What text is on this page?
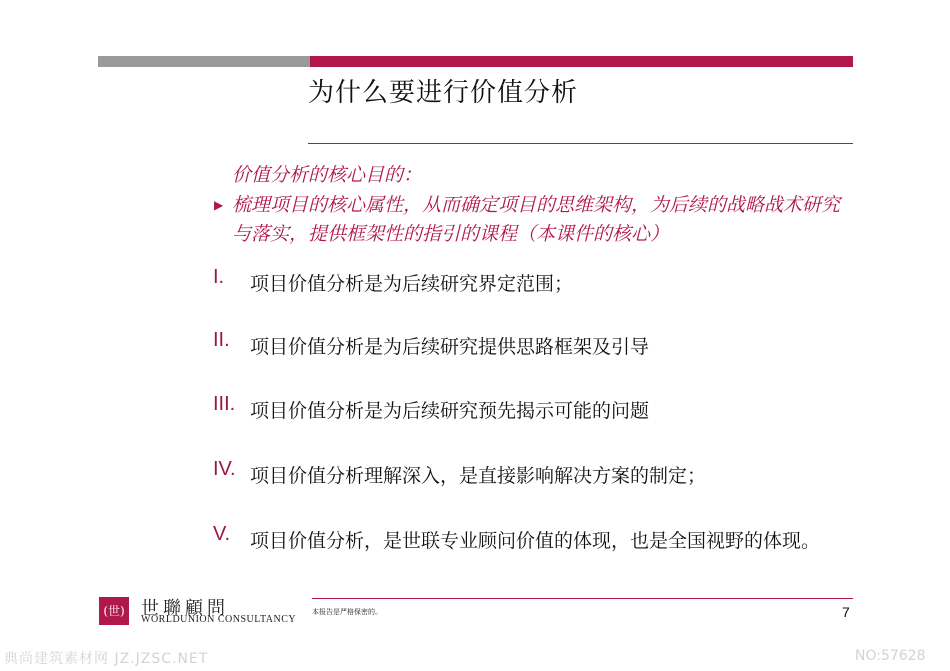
为什么要进行价值分析
价值分析的核心目的：
▶ 梳理项目的核心属性，从而确定项目的思维架构，为后续的战略战术研究与落实，提供框架性的指引的课程（本课件的核心）
I. 项目价值分析是为后续研究界定范围；
II. 项目价值分析是为后续研究提供思路框架及引导
III. 项目价值分析是为后续研究预先揭示可能的问题
IV. 项目价值分析理解深入，是直接影响解决方案的制定；
V. 项目价值分析，是世联专业顾问价值的体现，也是全国视野的体现。
(世) 世聯顧問
WORLDUNION CONSULTANCY
本报告是严格保密的。	7
典尚建筑素材网 JZ.JZSC.NET	NO:57628
